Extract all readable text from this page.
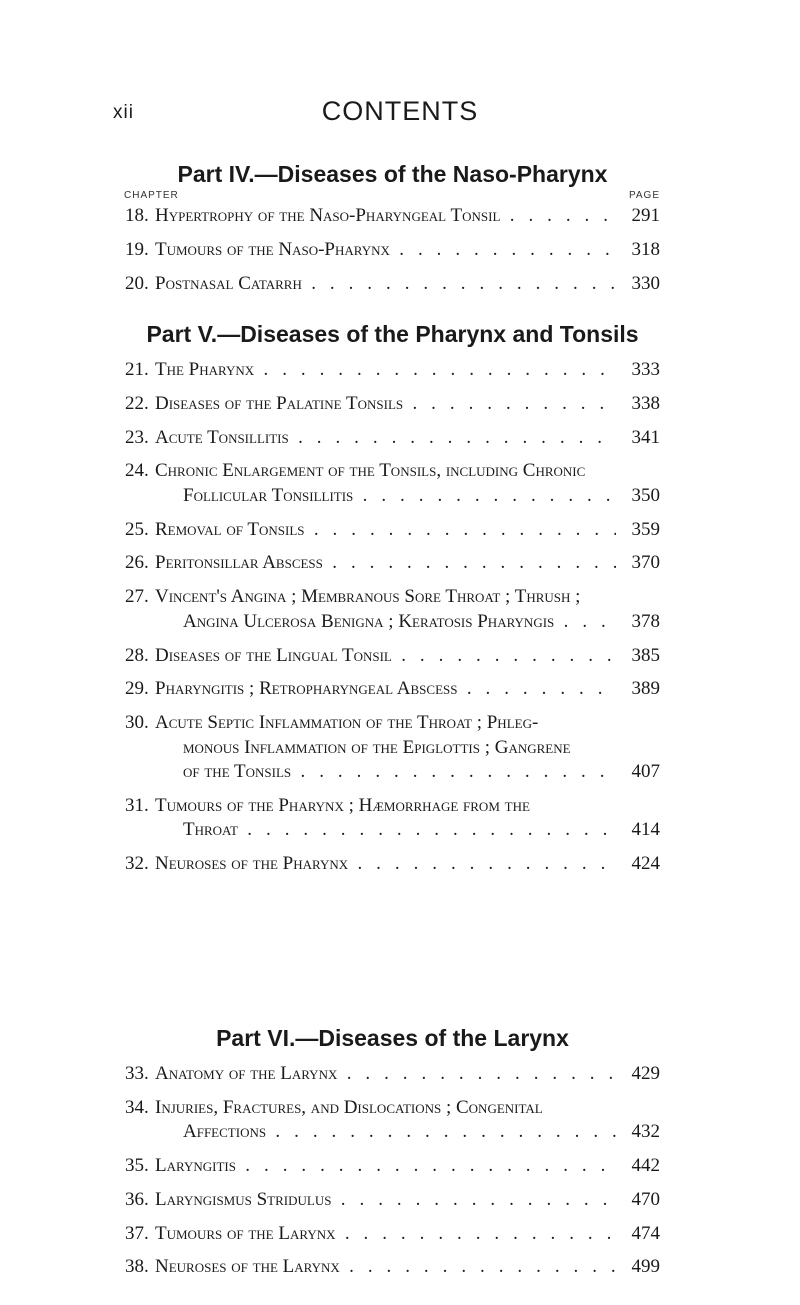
xii	CONTENTS
Part IV.—Diseases of the Naso-Pharynx
CHAPTER	PAGE
18. Hypertrophy of the Naso-Pharyngeal Tonsil . . .	291
19. Tumours of the Naso-Pharynx . . .	318
20. Postnasal Catarrh . . .	330
Part V.—Diseases of the Pharynx and Tonsils
21. The Pharynx . . .	333
22. Diseases of the Palatine Tonsils . . .	338
23. Acute Tonsillitis . . .	341
24. Chronic Enlargement of the Tonsils, including Chronic
Follicular Tonsillitis . . .	350
25. Removal of Tonsils . . .	359
26. Peritonsillar Abscess . . .	370
27. Vincent's Angina ; Membranous Sore Throat ; Thrush ;
Angina Ulcerosa Benigna ; Keratosis Pharyngis . . .	378
28. Diseases of the Lingual Tonsil . . .	385
29. Pharyngitis ; Retropharyngeal Abscess . . .	389
30. Acute Septic Inflammation of the Throat ; Phleg-
monous Inflammation of the Epiglottis ; Gangrene
of the Tonsils . . .	407
31. Tumours of the Pharynx ; Hæmorrhage from the
Throat . . .	414
32. Neuroses of the Pharynx . . .	424
Part VI.—Diseases of the Larynx
33. Anatomy of the Larynx . . .	429
34. Injuries, Fractures, and Dislocations ; Congenital
Affections . . .	432
35. Laryngitis . . .	442
36. Laryngismus Stridulus . . .	470
37. Tumours of the Larynx . . .	474
38. Neuroses of the Larynx . . .	499
